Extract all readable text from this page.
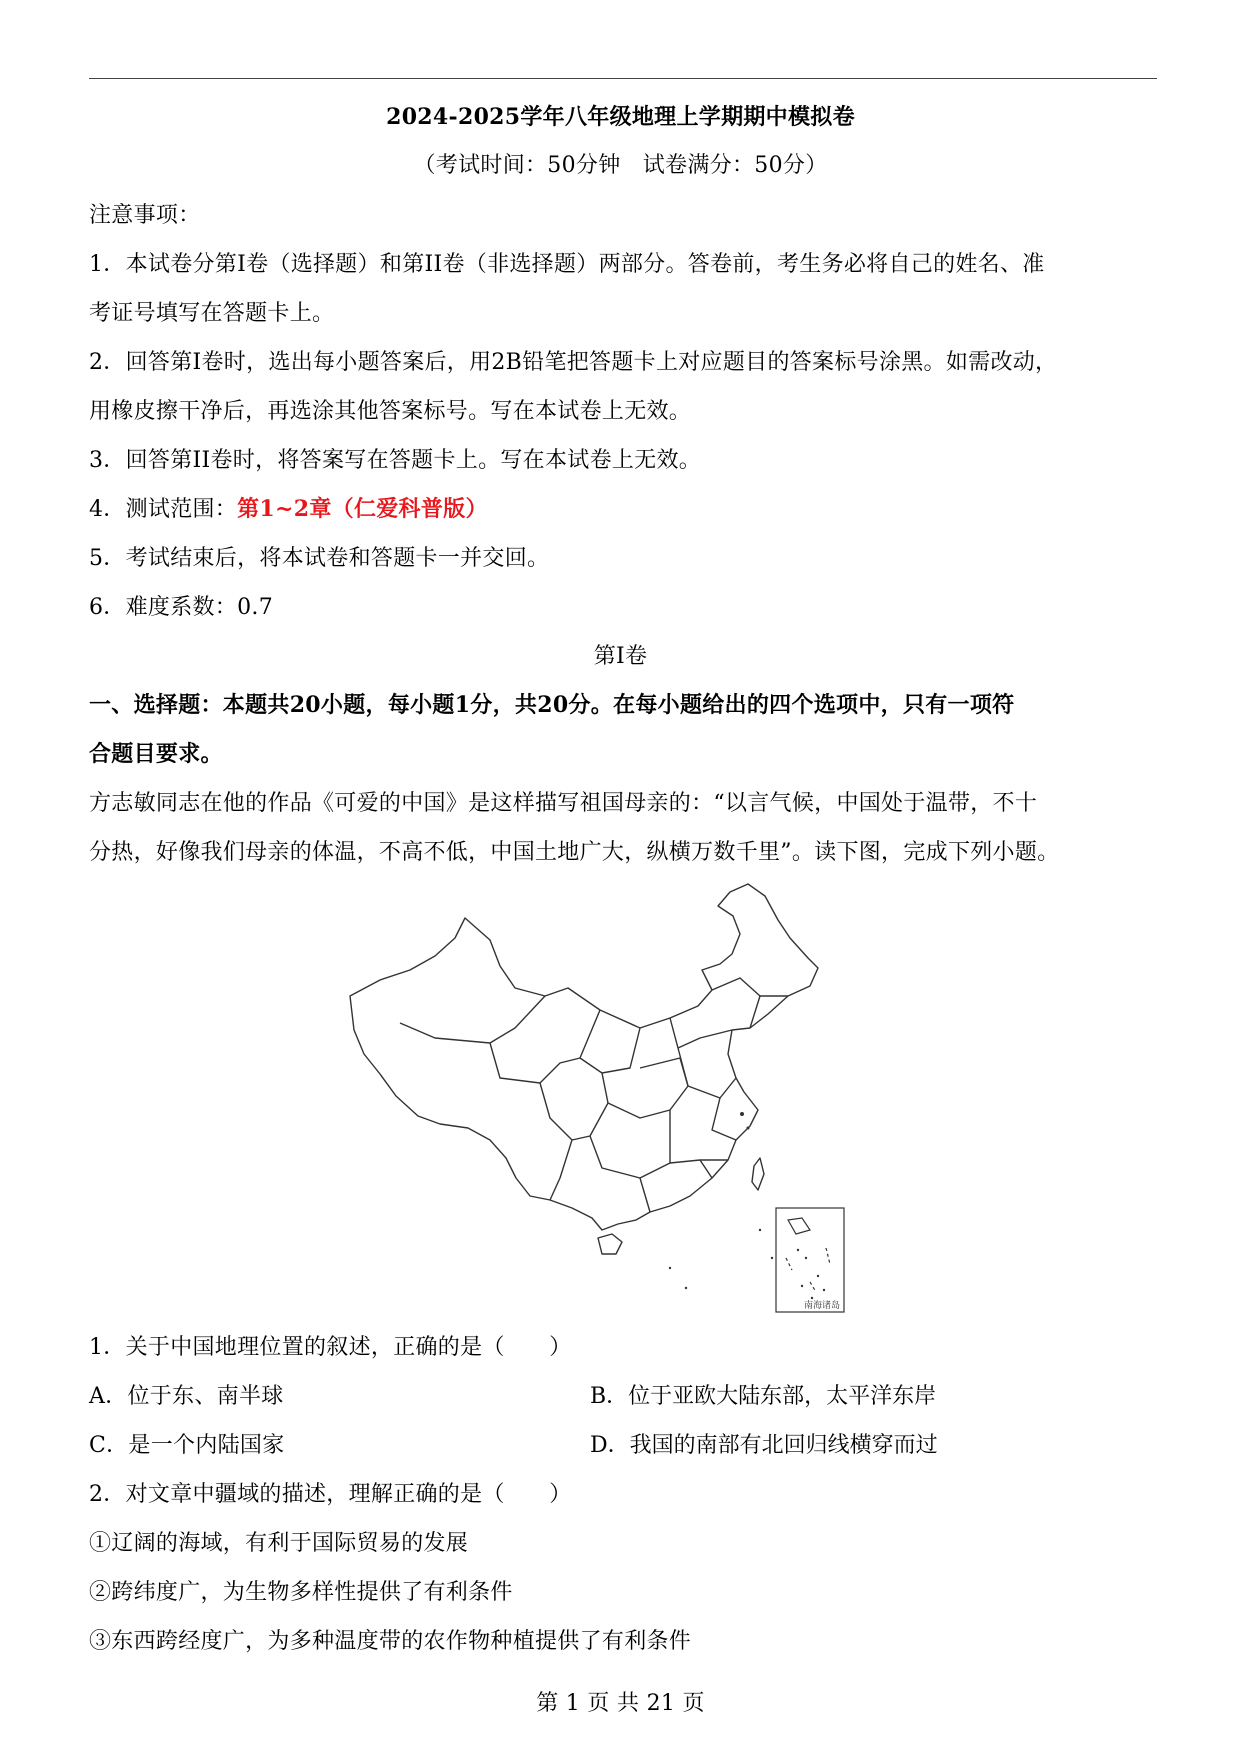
2024-2025学年八年级地理上学期期中模拟卷
（考试时间：50分钟　试卷满分：50分）
注意事项：
1．本试卷分第I卷（选择题）和第II卷（非选择题）两部分。答卷前，考生务必将自己的姓名、准
考证号填写在答题卡上。
2．回答第I卷时，选出每小题答案后，用2B铅笔把答题卡上对应题目的答案标号涂黑。如需改动，
用橡皮擦干净后，再选涂其他答案标号。写在本试卷上无效。
3．回答第II卷时，将答案写在答题卡上。写在本试卷上无效。
4．测试范围：第1~2章（仁爱科普版）
5．考试结束后，将本试卷和答题卡一并交回。
6．难度系数：0.7
第I卷
一、选择题：本题共20小题，每小题1分，共20分。在每小题给出的四个选项中，只有一项符
合题目要求。
方志敏同志在他的作品《可爱的中国》是这样描写祖国母亲的：“以言气候，中国处于温带，不十
分热，好像我们母亲的体温，不高不低，中国土地广大，纵横万数千里”。读下图，完成下列小题。
南海诸岛
1．关于中国地理位置的叙述，正确的是（　　）
A．位于东、南半球	B．位于亚欧大陆东部，太平洋东岸
C．是一个内陆国家	D．我国的南部有北回归线横穿而过
2．对文章中疆域的描述，理解正确的是（　　）
①辽阔的海域，有利于国际贸易的发展
②跨纬度广，为生物多样性提供了有利条件
③东西跨经度广，为多种温度带的农作物种植提供了有利条件
第 1 页 共 21 页
